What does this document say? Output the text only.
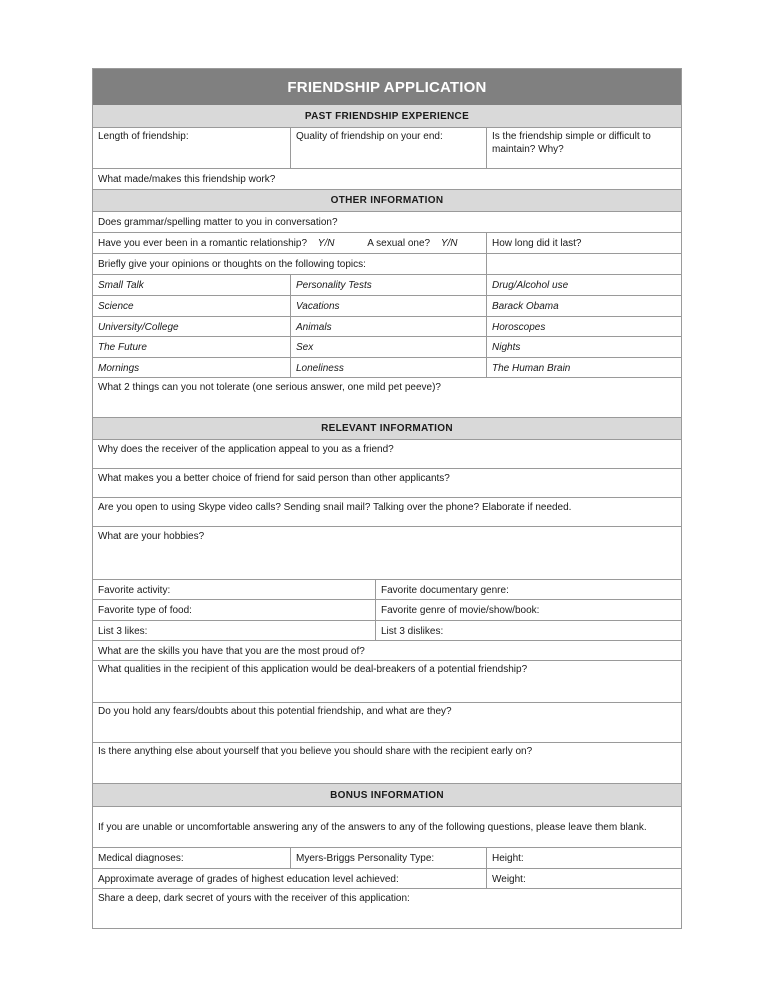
FRIENDSHIP APPLICATION
PAST FRIENDSHIP EXPERIENCE
Length of friendship:	Quality of friendship on your end:	Is the friendship simple or difficult to maintain? Why?
What made/makes this friendship work?
OTHER INFORMATION
Does grammar/spelling matter to you in conversation?
Have you ever been in a romantic relationship? Y/N	A sexual one? Y/N	How long did it last?
Briefly give your opinions or thoughts on the following topics:
Small Talk	Personality Tests	Drug/Alcohol use
Science	Vacations	Barack Obama
University/College	Animals	Horoscopes
The Future	Sex	Nights
Mornings	Loneliness	The Human Brain
What 2 things can you not tolerate (one serious answer, one mild pet peeve)?
RELEVANT INFORMATION
Why does the receiver of the application appeal to you as a friend?
What makes you a better choice of friend for said person than other applicants?
Are you open to using Skype video calls? Sending snail mail? Talking over the phone? Elaborate if needed.
What are your hobbies?
Favorite activity:	Favorite documentary genre:
Favorite type of food:	Favorite genre of movie/show/book:
List 3 likes:	List 3 dislikes:
What are the skills you have that you are the most proud of?
What qualities in the recipient of this application would be deal-breakers of a potential friendship?
Do you hold any fears/doubts about this potential friendship, and what are they?
Is there anything else about yourself that you believe you should share with the recipient early on?
BONUS INFORMATION
If you are unable or uncomfortable answering any of the answers to any of the following questions, please leave them blank.
Medical diagnoses:	Myers-Briggs Personality Type:	Height:
Approximate average of grades of highest education level achieved:	Weight:
Share a deep, dark secret of yours with the receiver of this application:
